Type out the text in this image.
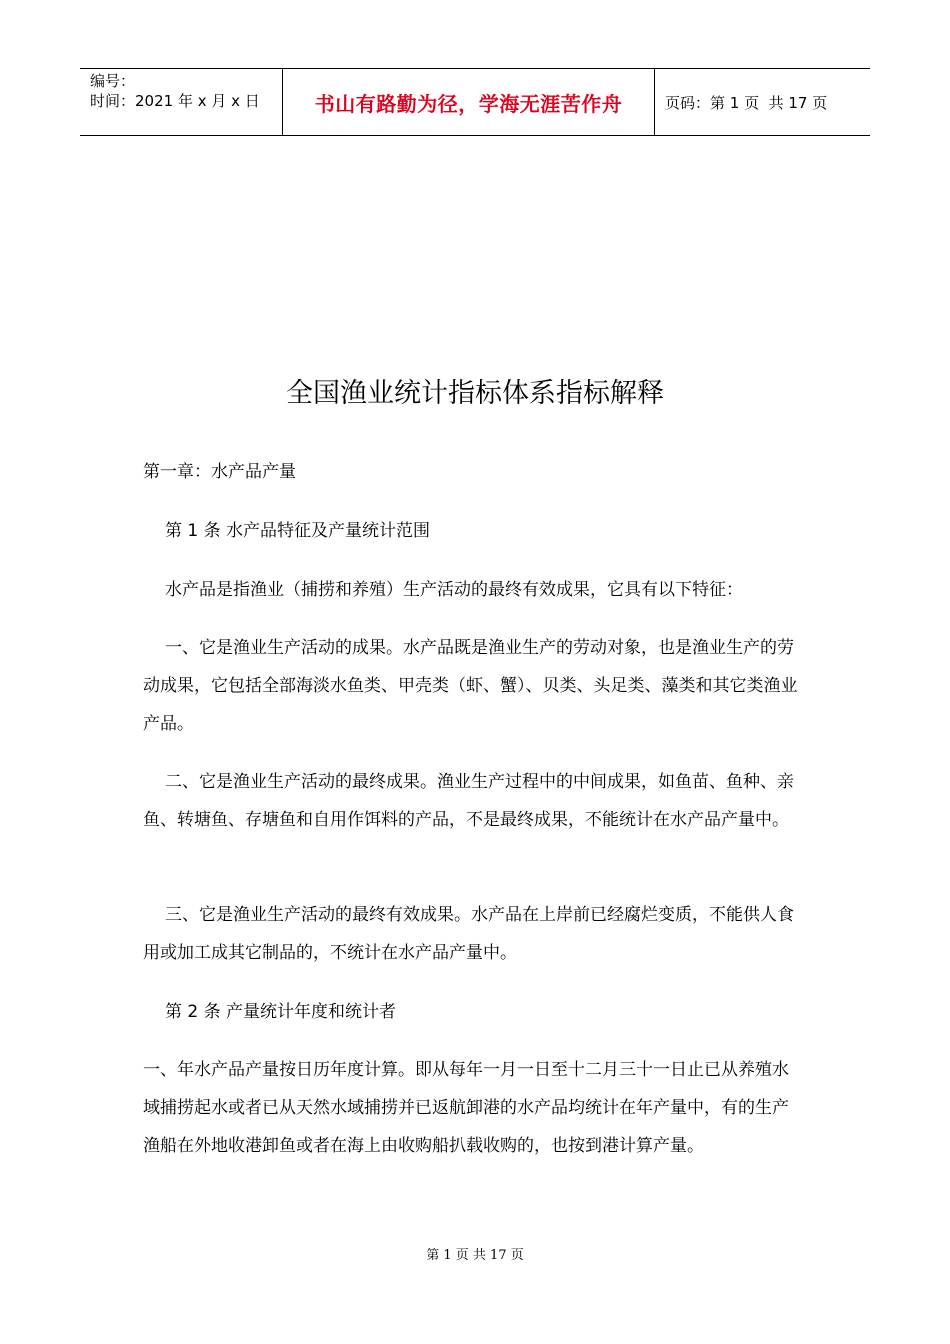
编号：
时间：2021 年 x 月 x 日	书山有路勤为径，学海无涯苦作舟	页码：第 1 页  共 17 页
全国渔业统计指标体系指标解释

第一章：水产品产量

第 1 条 水产品特征及产量统计范围

水产品是指渔业（捕捞和养殖）生产活动的最终有效成果，它具有以下特征：

一、它是渔业生产活动的成果。水产品既是渔业生产的劳动对象，也是渔业生产的劳动成果，它包括全部海淡水鱼类、甲壳类（虾、蟹）、贝类、头足类、藻类和其它类渔业产品。

二、它是渔业生产活动的最终成果。渔业生产过程中的中间成果，如鱼苗、鱼种、亲鱼、转塘鱼、存塘鱼和自用作饵料的产品，不是最终成果，不能统计在水产品产量中。

三、它是渔业生产活动的最终有效成果。水产品在上岸前已经腐烂变质，不能供人食用或加工成其它制品的，不统计在水产品产量中。

第 2 条 产量统计年度和统计者

一、年水产品产量按日历年度计算。即从每年一月一日至十二月三十一日止已从养殖水域捕捞起水或者已从天然水域捕捞并已返航卸港的水产品均统计在年产量中，有的生产渔船在外地收港卸鱼或者在海上由收购船扒载收购的，也按到港计算产量。

第 1 页 共 17 页
